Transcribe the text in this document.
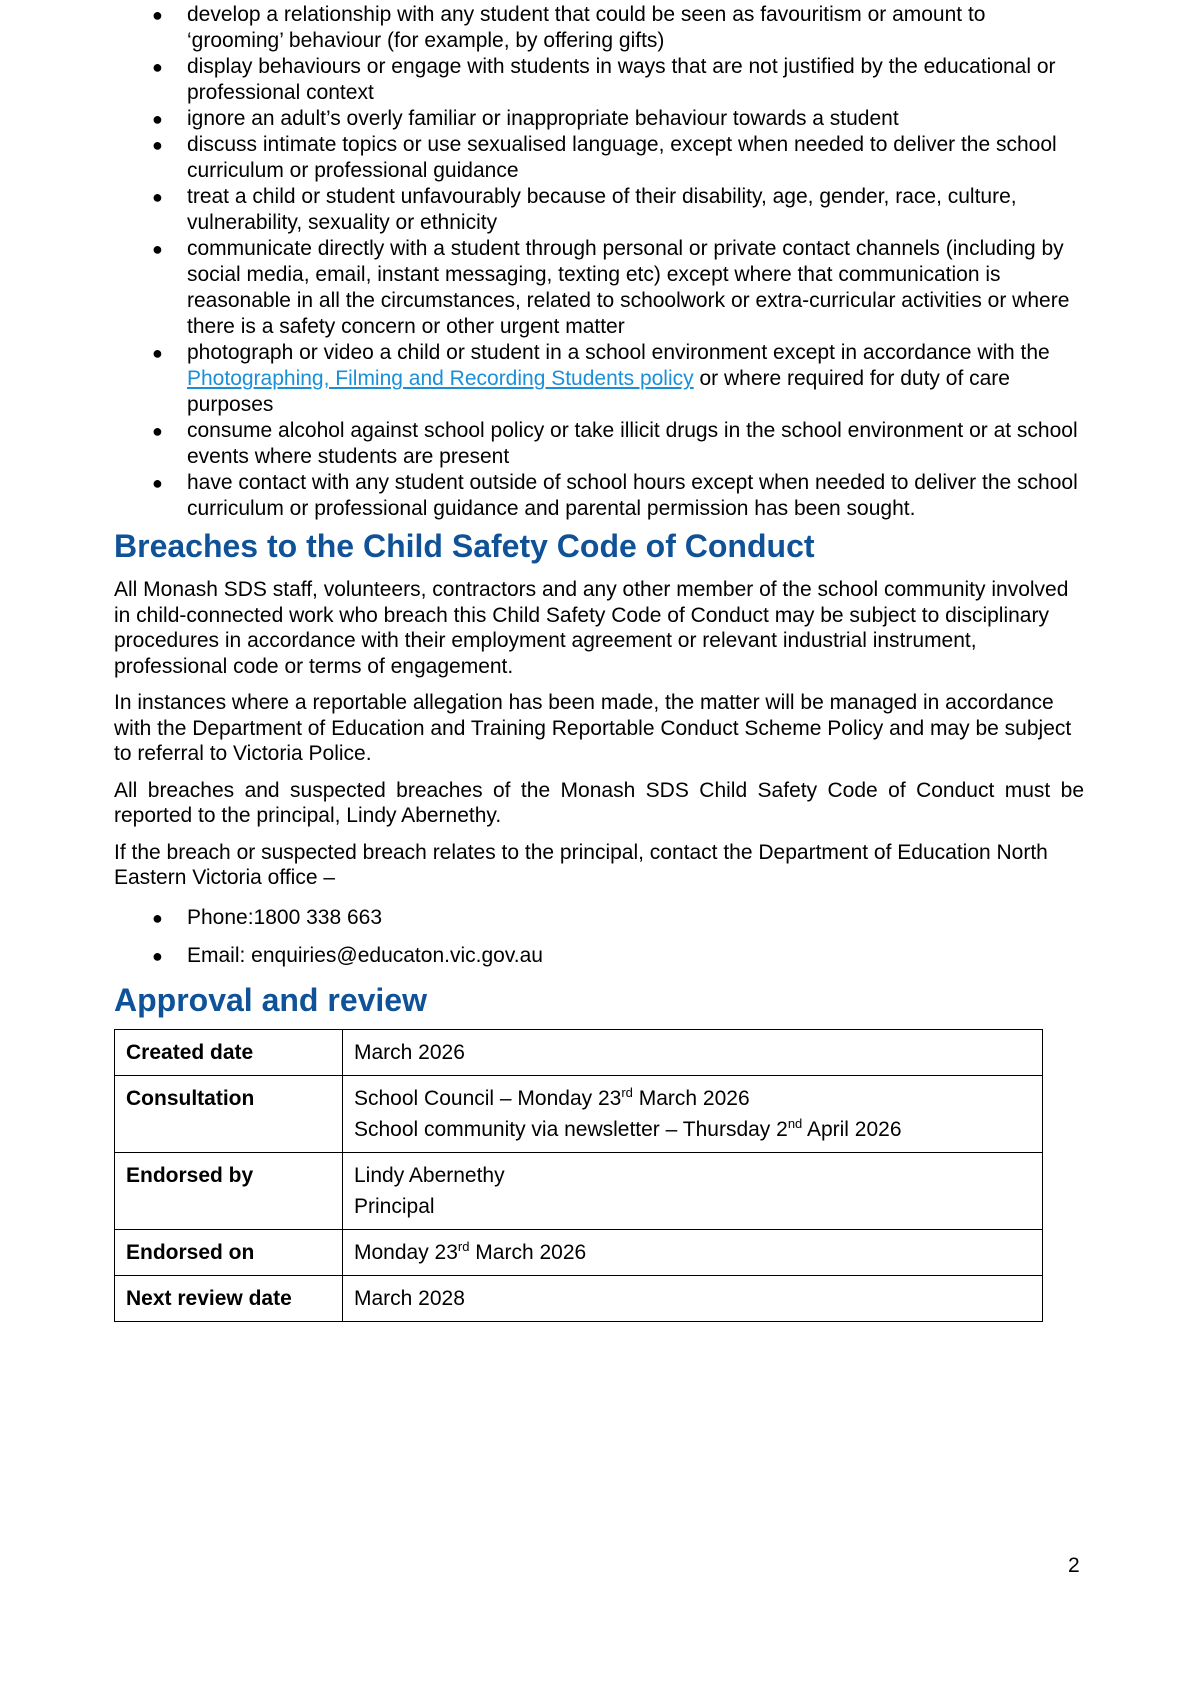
● develop a relationship with any student that could be seen as favouritism or amount to ‘grooming’ behaviour (for example, by offering gifts)
● display behaviours or engage with students in ways that are not justified by the educational or professional context
● ignore an adult’s overly familiar or inappropriate behaviour towards a student
● discuss intimate topics or use sexualised language, except when needed to deliver the school curriculum or professional guidance
● treat a child or student unfavourably because of their disability, age, gender, race, culture, vulnerability, sexuality or ethnicity
● communicate directly with a student through personal or private contact channels (including by social media, email, instant messaging, texting etc) except where that communication is reasonable in all the circumstances, related to schoolwork or extra-curricular activities or where there is a safety concern or other urgent matter
● photograph or video a child or student in a school environment except in accordance with the Photographing, Filming and Recording Students policy or where required for duty of care purposes
● consume alcohol against school policy or take illicit drugs in the school environment or at school events where students are present
● have contact with any student outside of school hours except when needed to deliver the school curriculum or professional guidance and parental permission has been sought.
Breaches to the Child Safety Code of Conduct

All Monash SDS staff, volunteers, contractors and any other member of the school community involved in child-connected work who breach this Child Safety Code of Conduct may be subject to disciplinary procedures in accordance with their employment agreement or relevant industrial instrument, professional code or terms of engagement.

In instances where a reportable allegation has been made, the matter will be managed in accordance with the Department of Education and Training Reportable Conduct Scheme Policy and may be subject to referral to Victoria Police.

All breaches and suspected breaches of the Monash SDS Child Safety Code of Conduct must be reported to the principal, Lindy Abernethy.

If the breach or suspected breach relates to the principal, contact the Department of Education North Eastern Victoria office –

● Phone:1800 338 663
● Email: enquiries@educaton.vic.gov.au
Approval and review
Created date	March 2026
Consultation	School Council – Monday 23rd March 2026
School community via newsletter – Thursday 2nd April 2026

Endorsed by	Lindy Abernethy
Principal

Endorsed on	Monday 23rd March 2026
Next review date	March 2028
2
